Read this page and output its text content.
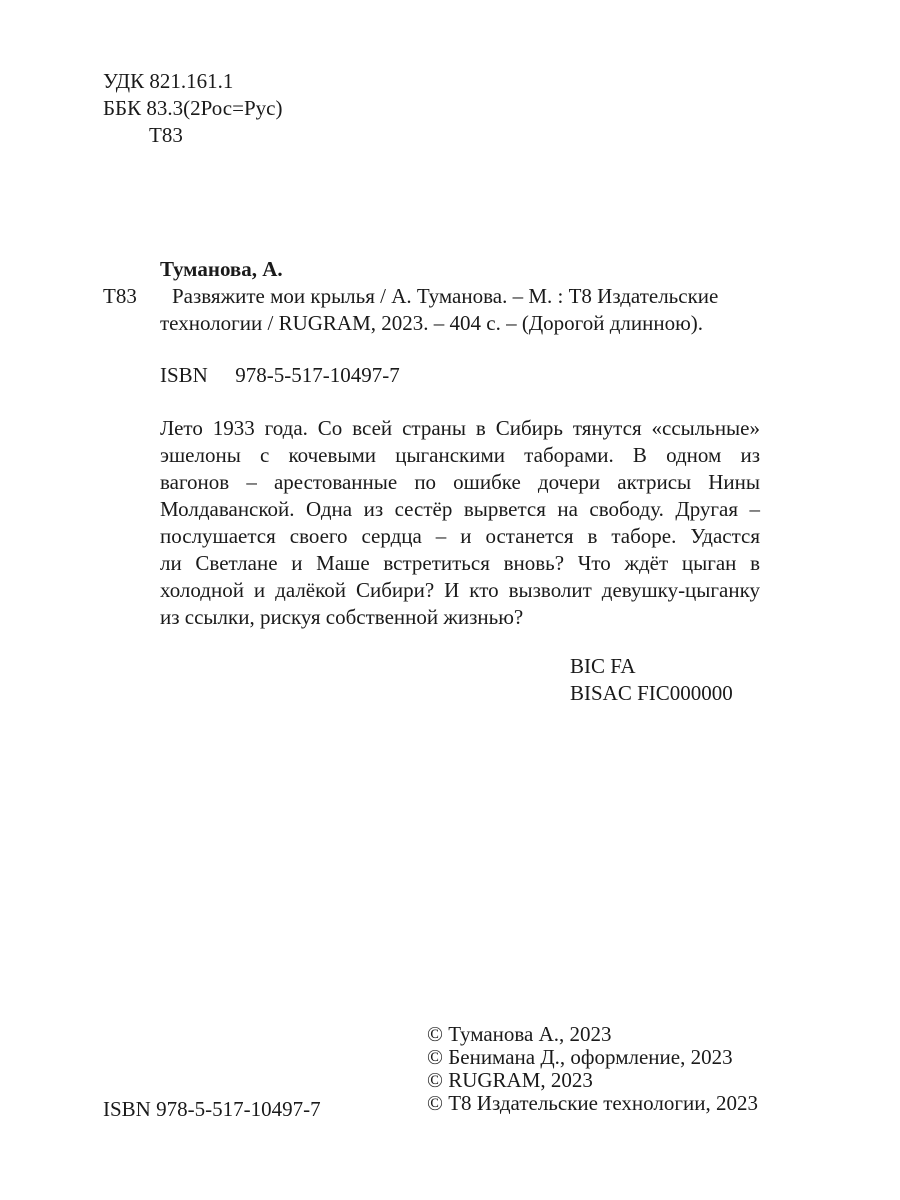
УДК 821.161.1
ББК 83.3(2Рос=Рус)
Т83
Туманова, А.
Т83	Развяжите мои крылья / А. Туманова. – М. : Т8 Издательские
технологии / RUGRAM, 2023. – 404 с. – (Дорогой длинною).
ISBN 978-5-517-10497-7
Лето 1933 года. Со всей страны в Сибирь тянутся «ссыльные»
эшелоны с кочевыми цыганскими таборами. В одном из
вагонов – арестованные по ошибке дочери актрисы Нины
Молдаванской. Одна из сестёр вырвется на свободу. Другая –
послушается своего сердца – и останется в таборе. Удастся
ли Светлане и Маше встретиться вновь? Что ждёт цыган в
холодной и далёкой Сибири? И кто вызволит девушку-цыганку
из ссылки, рискуя собственной жизнью?
BIC FA
BISAC FIC000000
© Туманова А., 2023
© Бенимана Д., оформление, 2023
© RUGRAM, 2023
© Т8 Издательские технологии, 2023
ISBN 978-5-517-10497-7
